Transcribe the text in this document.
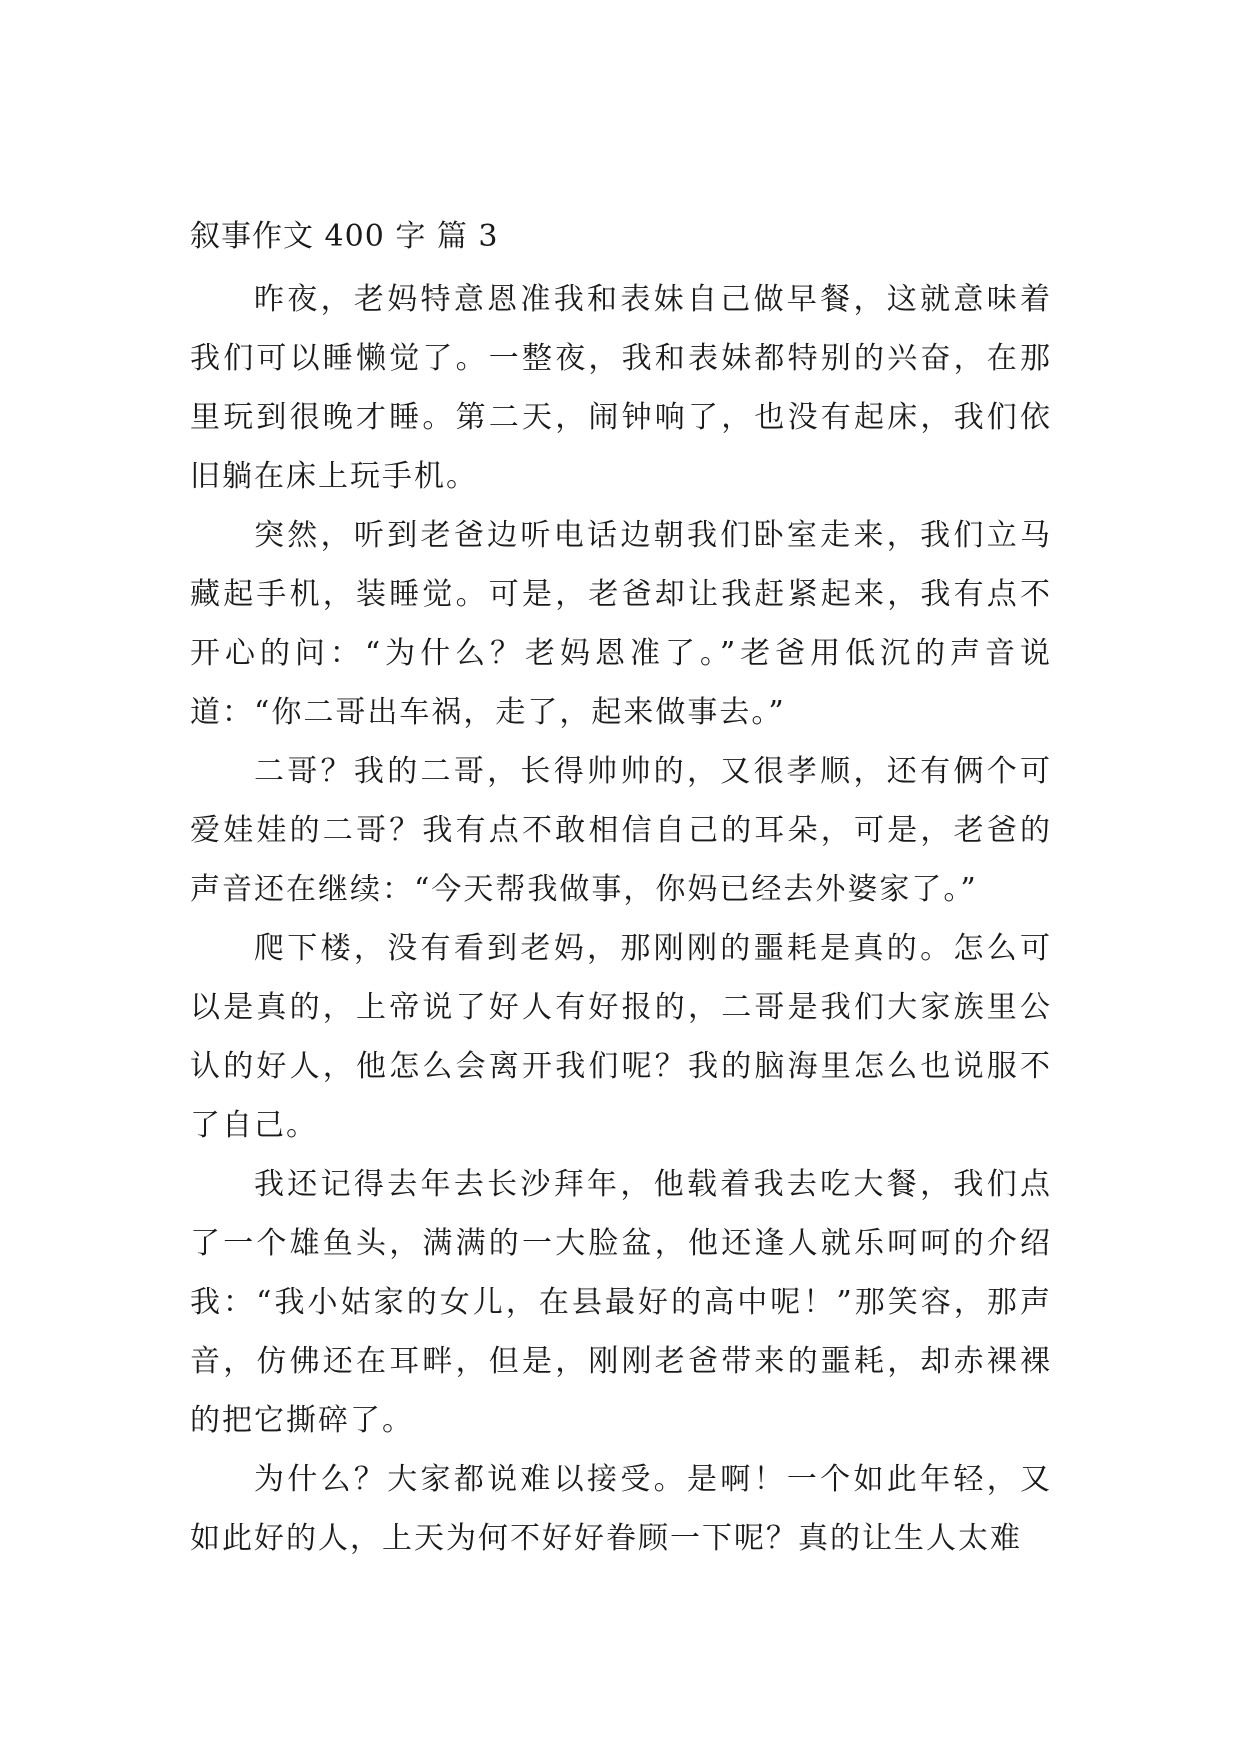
叙事作文 400 字 篇 3

昨夜，老妈特意恩准我和表妹自己做早餐，这就意味着我们可以睡懒觉了。一整夜，我和表妹都特别的兴奋，在那里玩到很晚才睡。第二天，闹钟响了，也没有起床，我们依旧躺在床上玩手机。

突然，听到老爸边听电话边朝我们卧室走来，我们立马藏起手机，装睡觉。可是，老爸却让我赶紧起来，我有点不开心的问：“为什么？老妈恩准了。”老爸用低沉的声音说道：“你二哥出车祸，走了，起来做事去。”

二哥？我的二哥，长得帅帅的，又很孝顺，还有俩个可爱娃娃的二哥？我有点不敢相信自己的耳朵，可是，老爸的声音还在继续：“今天帮我做事，你妈已经去外婆家了。”

爬下楼，没有看到老妈，那刚刚的噩耗是真的。怎么可以是真的，上帝说了好人有好报的，二哥是我们大家族里公认的好人，他怎么会离开我们呢？我的脑海里怎么也说服不了自己。

我还记得去年去长沙拜年，他载着我去吃大餐，我们点了一个雄鱼头，满满的一大脸盆，他还逢人就乐呵呵的介绍我：“我小姑家的女儿，在县最好的高中呢！”那笑容，那声音，仿佛还在耳畔，但是，刚刚老爸带来的噩耗，却赤裸裸的把它撕碎了。

为什么？大家都说难以接受。是啊！一个如此年轻，又如此好的人，上天为何不好好眷顾一下呢？真的让生人太难
